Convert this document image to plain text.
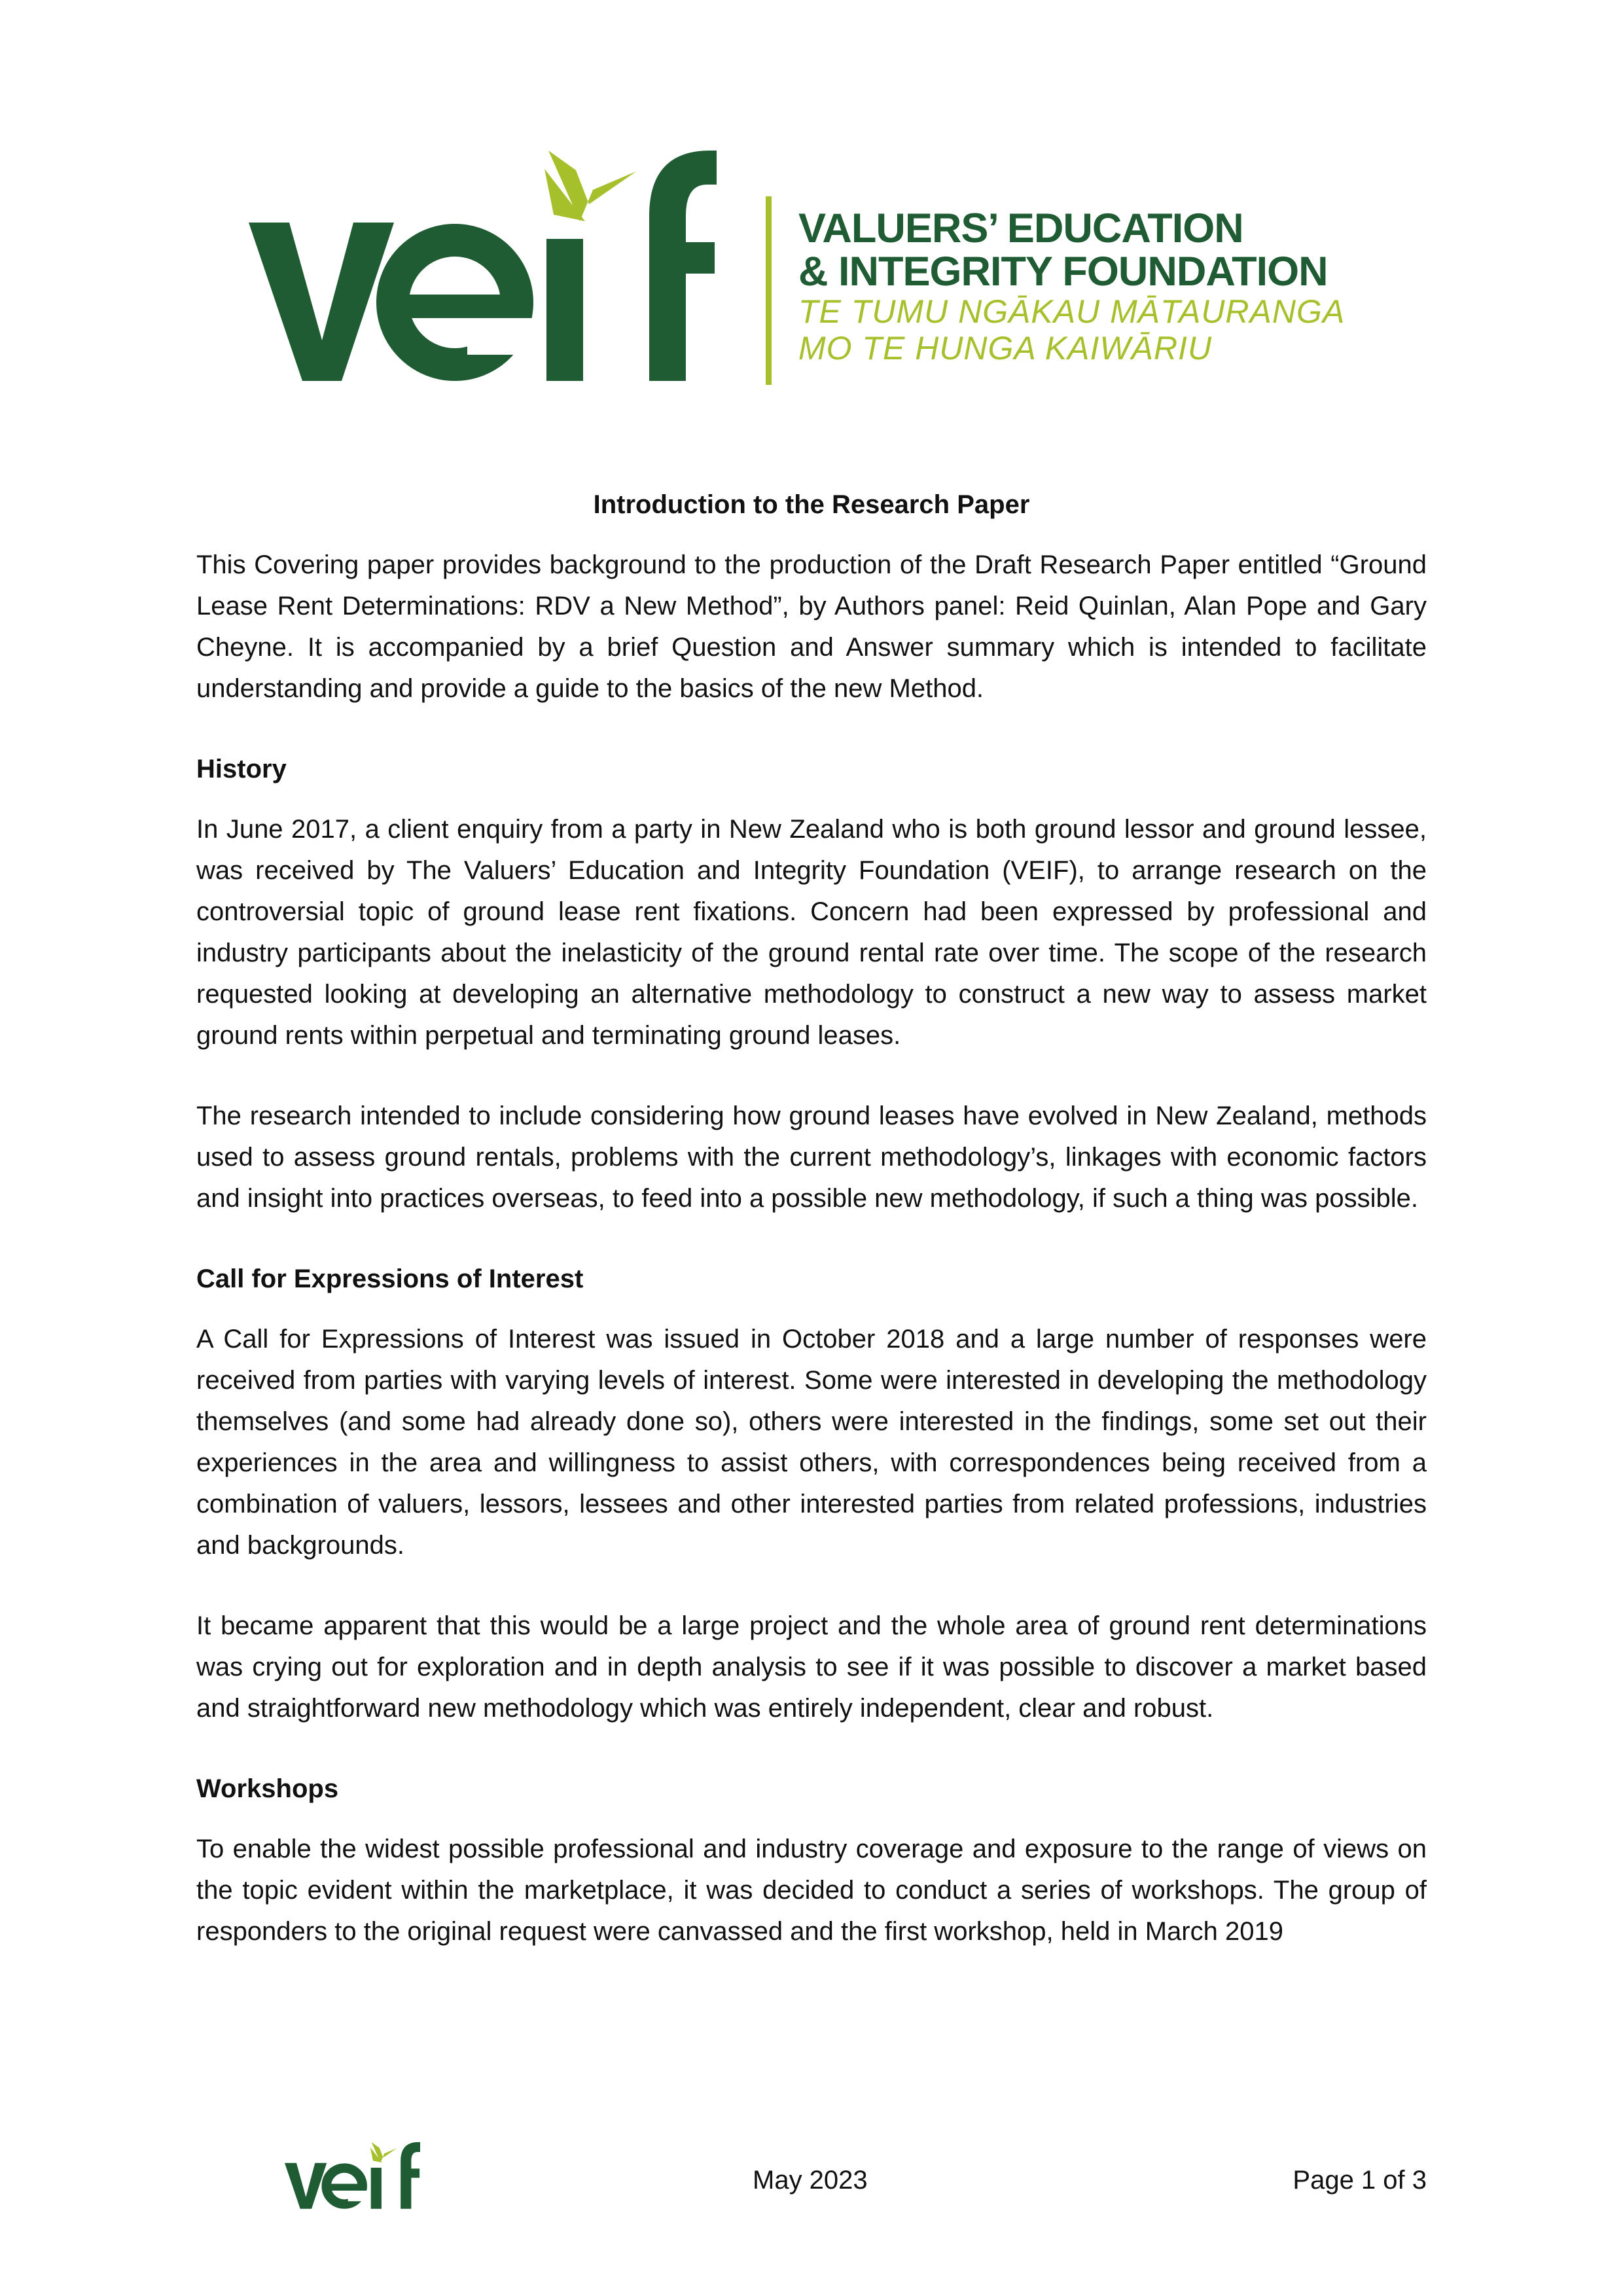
VALUERS’ EDUCATION
& INTEGRITY FOUNDATION
TE TUMU NGĀKAU MĀTAURANGA
MO TE HUNGA KAIWĀRIU
Introduction to the Research Paper

This Covering paper provides background to the production of the Draft Research Paper entitled “Ground Lease Rent Determinations: RDV a New Method”, by Authors panel: Reid Quinlan, Alan Pope and Gary Cheyne. It is accompanied by a brief Question and Answer summary which is intended to facilitate understanding and provide a guide to the basics of the new Method.

History

In June 2017, a client enquiry from a party in New Zealand who is both ground lessor and ground lessee, was received by The Valuers’ Education and Integrity Foundation (VEIF), to arrange research on the controversial topic of ground lease rent fixations. Concern had been expressed by professional and industry participants about the inelasticity of the ground rental rate over time. The scope of the research requested looking at developing an alternative methodology to construct a new way to assess market ground rents within perpetual and terminating ground leases.

The research intended to include considering how ground leases have evolved in New Zealand, methods used to assess ground rentals, problems with the current methodology’s, linkages with economic factors and insight into practices overseas, to feed into a possible new methodology, if such a thing was possible.

Call for Expressions of Interest

A Call for Expressions of Interest was issued in October 2018 and a large number of responses were received from parties with varying levels of interest. Some were interested in developing the methodology themselves (and some had already done so), others were interested in the findings, some set out their experiences in the area and willingness to assist others, with correspondences being received from a combination of valuers, lessors, lessees and other interested parties from related professions, industries and backgrounds.

It became apparent that this would be a large project and the whole area of ground rent determinations was crying out for exploration and in depth analysis to see if it was possible to discover a market based and straightforward new methodology which was entirely independent, clear and robust.

Workshops

To enable the widest possible professional and industry coverage and exposure to the range of views on the topic evident within the marketplace, it was decided to conduct a series of workshops. The group of responders to the original request were canvassed and the first workshop, held in March 2019

May 2023	Page 1 of 3
